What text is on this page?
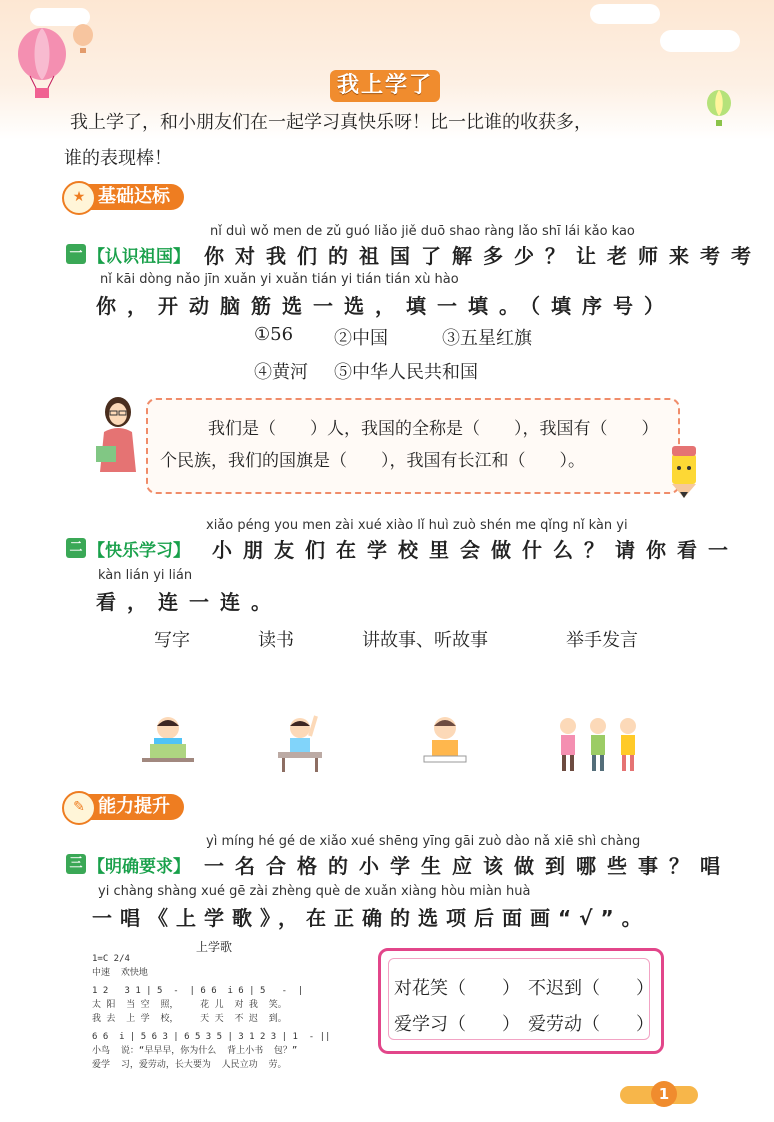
我上学了
我上学了，和小朋友们在一起学习真快乐呀！比一比谁的收获多，
谁的表现棒！
★ 基础达标
nǐ duì wǒ men de zǔ guó liǎo jiě duō shao ràng lǎo shī lái kǎo kao
一 【认识祖国】 你对我们的祖国了解多少？让老师来考考
nǐ kāi dòng nǎo jīn xuǎn yi xuǎn tián yi tián tián xù hào
你，开动脑筋选一选，填一填。（填序号）
①56 ②中国	③五星红旗
④黄河 ⑤中华人民共和国
我们是（　　）人，我国的全称是（　　），我国有（　　）
个民族，我们的国旗是（　　），我国有长江和（　　）。
xiǎo péng you men zài xué xiào lǐ huì zuò shén me qǐng nǐ kàn yi
二 【快乐学习】 小朋友们在学校里会做什么？请你看一
kàn lián yi lián
看，连一连。
写字	读书	讲故事、听故事	举手发言
✎ 能力提升
yì míng hé gé de xiǎo xué shēng yīng gāi zuò dào nǎ xiē shì chàng
三 【明确要求】 一名合格的小学生应该做到哪些事？唱
yi chàng shàng xué gē zài zhèng què de xuǎn xiàng hòu miàn huà
一唱《上学歌》，在正确的选项后面画“√”。
上学歌
1=C 2/4
中速  欢快地
1 2   3 1 | 5  -  | 6 6  i 6 | 5   -  |
太 阳  当 空  照，    花 儿  对 我  笑。
我 去  上 学  校，    天 天  不 迟  到。
6 6  i | 5 6 3 | 6 5 3 5 | 3 1 2 3 | 1  - ||
小鸟  说：“早早早，你为什么  背上小书  包？”
爱学  习，爱劳动，长大要为  人民立功  劳。
对花笑（　　） 不迟到（　　）
爱学习（　　） 爱劳动（　　）
1
